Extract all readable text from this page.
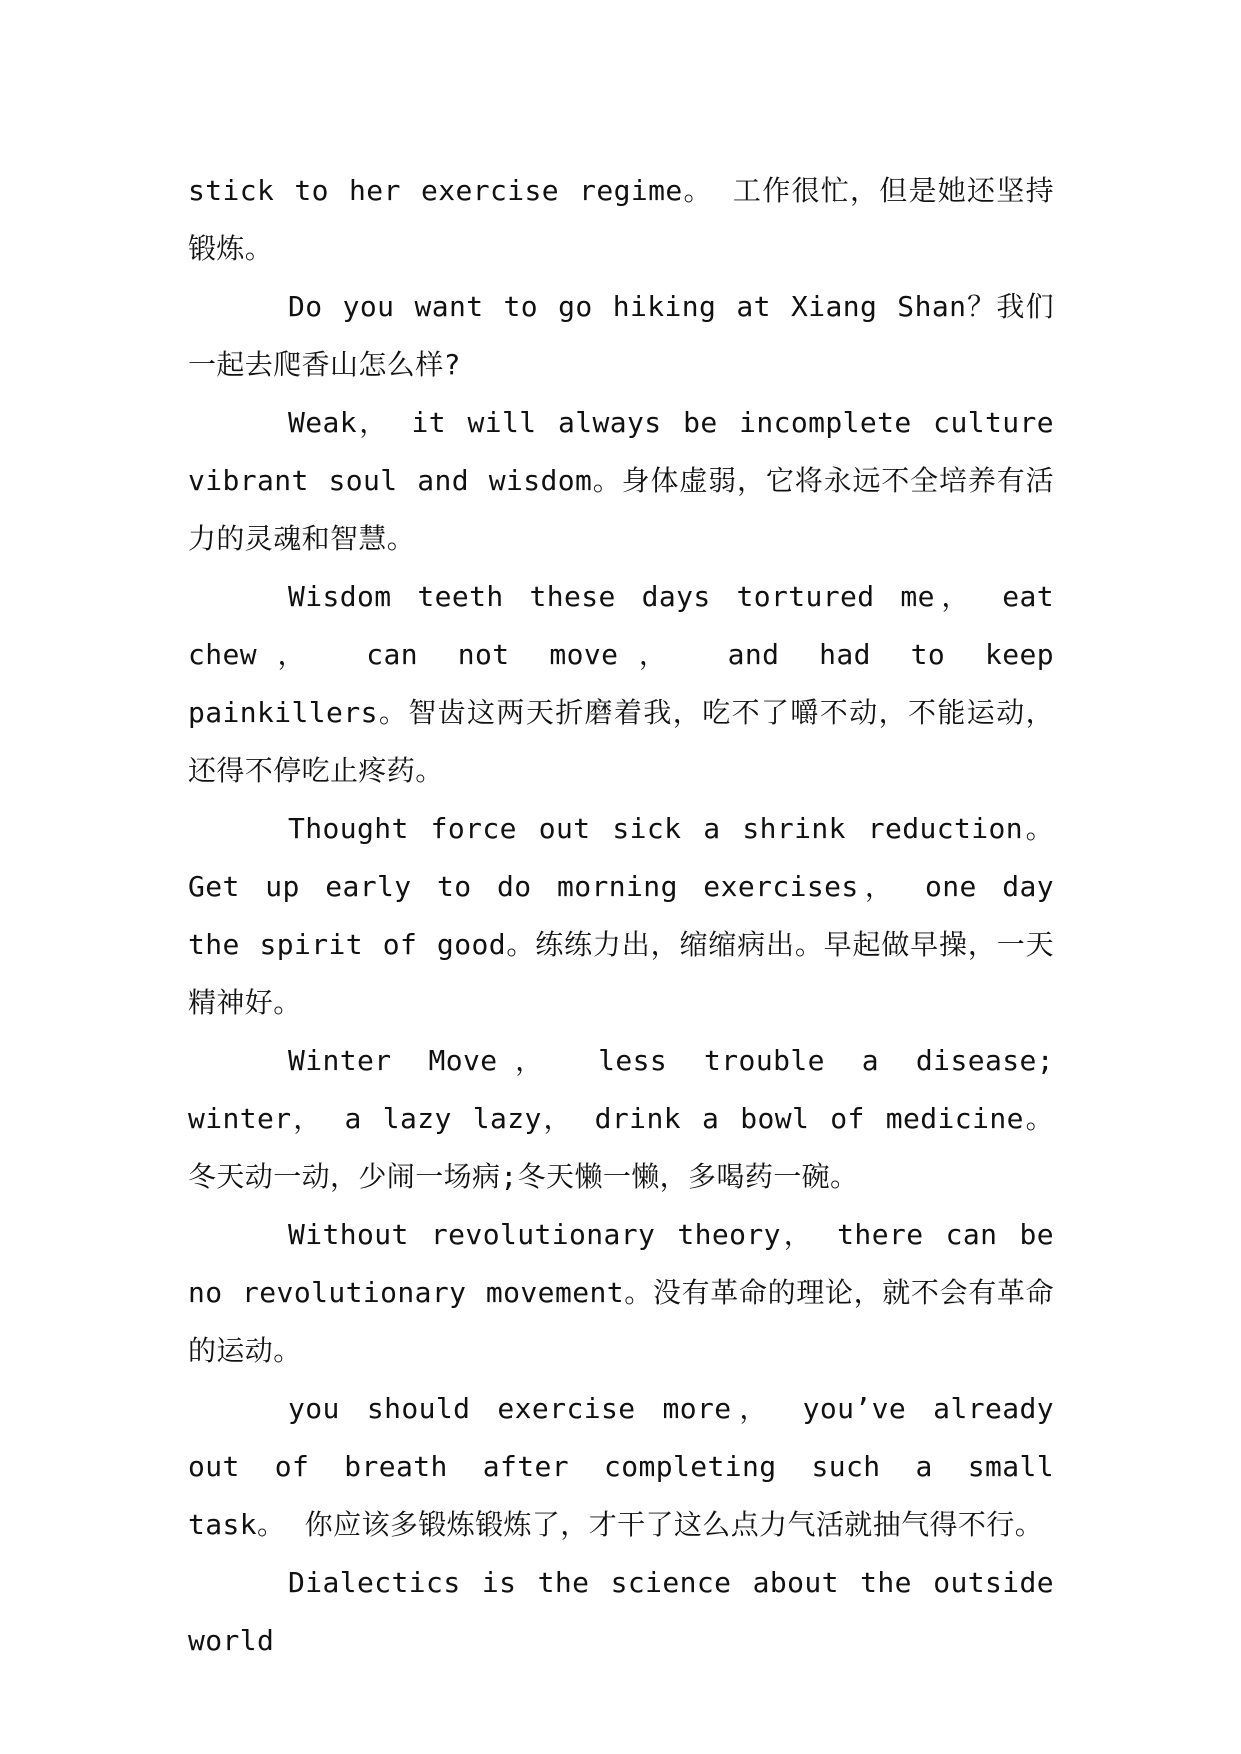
stick to her exercise regime。 工作很忙，但是她还坚持锻炼。

Do you want to go hiking at Xiang Shan？我们一起去爬香山怎么样?

Weak， it will always be incomplete culture vibrant soul and wisdom。身体虚弱，它将永远不全培养有活力的灵魂和智慧。

Wisdom teeth these days tortured me， eat chew， can not move， and had to keep painkillers。智齿这两天折磨着我，吃不了嚼不动，不能运动，还得不停吃止疼药。

Thought force out sick a shrink reduction。 Get up early to do morning exercises， one day the spirit of good。练练力出，缩缩病出。早起做早操，一天精神好。

Winter Move， less trouble a disease; winter， a lazy lazy， drink a bowl of medicine。冬天动一动，少闹一场病;冬天懒一懒，多喝药一碗。

Without revolutionary theory， there can be no revolutionary movement。没有革命的理论，就不会有革命的运动。

you should exercise more， you’ve already out of breath after completing such a small task。 你应该多锻炼锻炼了，才干了这么点力气活就抽气得不行。

Dialectics is the science about the outside world
